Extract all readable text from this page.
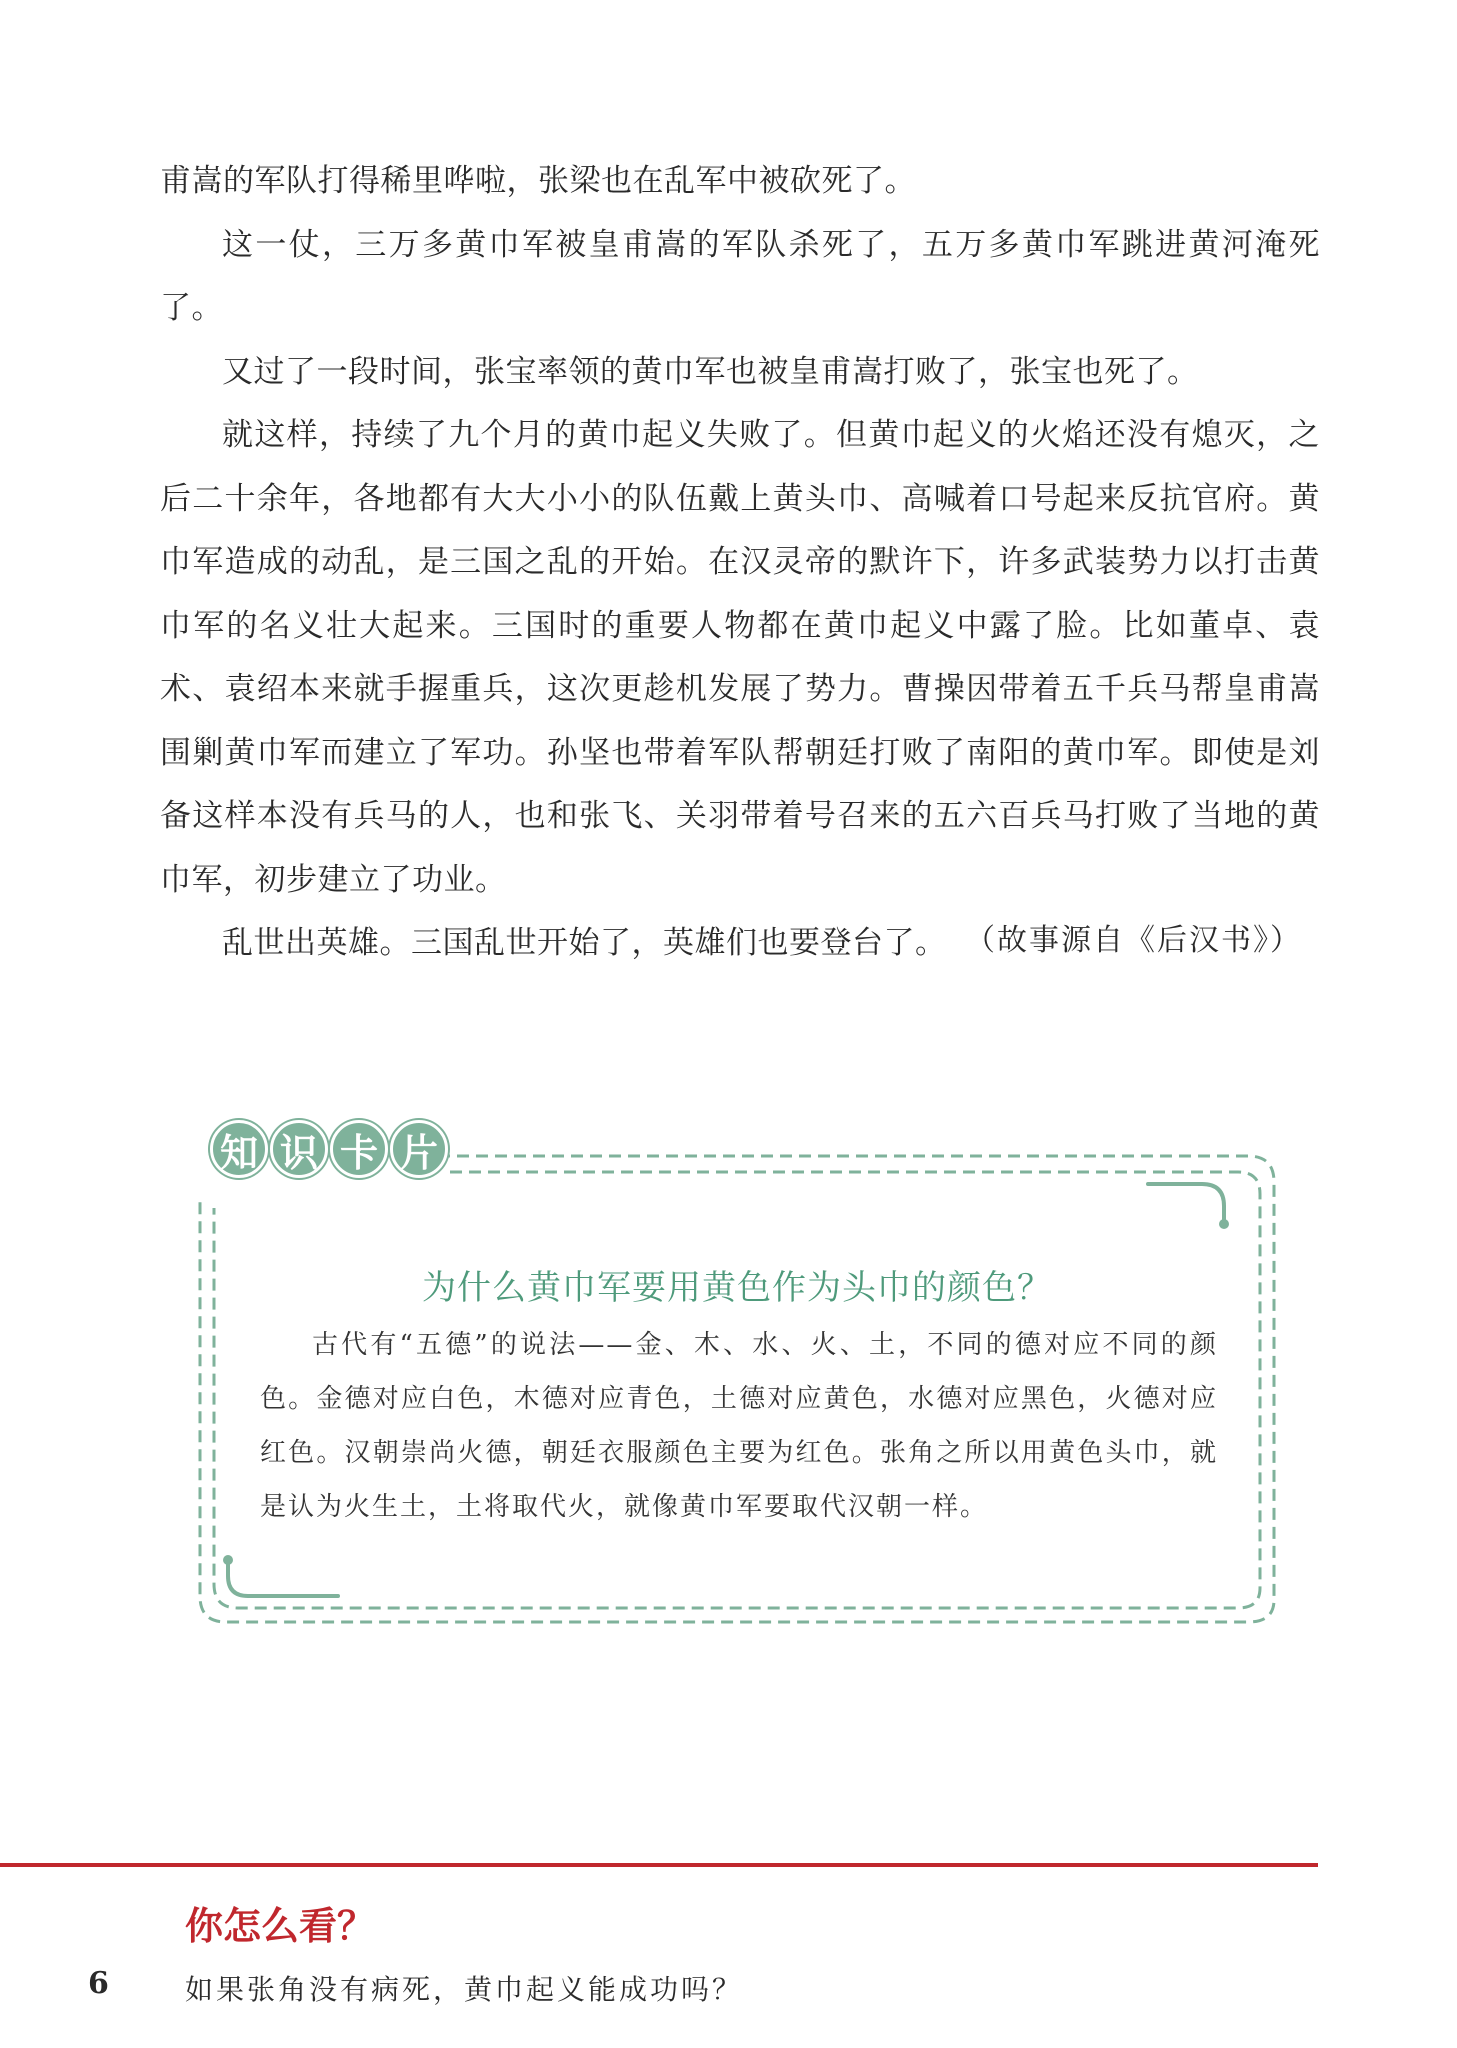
甫嵩的军队打得稀里哗啦，张梁也在乱军中被砍死了。

这一仗，三万多黄巾军被皇甫嵩的军队杀死了，五万多黄巾军跳进黄河淹死了。

又过了一段时间，张宝率领的黄巾军也被皇甫嵩打败了，张宝也死了。

就这样，持续了九个月的黄巾起义失败了。但黄巾起义的火焰还没有熄灭，之后二十余年，各地都有大大小小的队伍戴上黄头巾、高喊着口号起来反抗官府。黄巾军造成的动乱，是三国之乱的开始。在汉灵帝的默许下，许多武装势力以打击黄巾军的名义壮大起来。三国时的重要人物都在黄巾起义中露了脸。比如董卓、袁术、袁绍本来就手握重兵，这次更趁机发展了势力。曹操因带着五千兵马帮皇甫嵩围剿黄巾军而建立了军功。孙坚也带着军队帮朝廷打败了南阳的黄巾军。即使是刘备这样本没有兵马的人，也和张飞、关羽带着号召来的五六百兵马打败了当地的黄巾军，初步建立了功业。

乱世出英雄。三国乱世开始了，英雄们也要登台了。 （故事源自《后汉书》）
知 识 卡 片
为什么黄巾军要用黄色作为头巾的颜色？

古代有“五德”的说法——金、木、水、火、土，不同的德对应不同的颜色。金德对应白色，木德对应青色，土德对应黄色，水德对应黑色，火德对应红色。汉朝崇尚火德，朝廷衣服颜色主要为红色。张角之所以用黄色头巾，就是认为火生土，土将取代火，就像黄巾军要取代汉朝一样。

你怎么看？
6	如果张角没有病死，黄巾起义能成功吗？
